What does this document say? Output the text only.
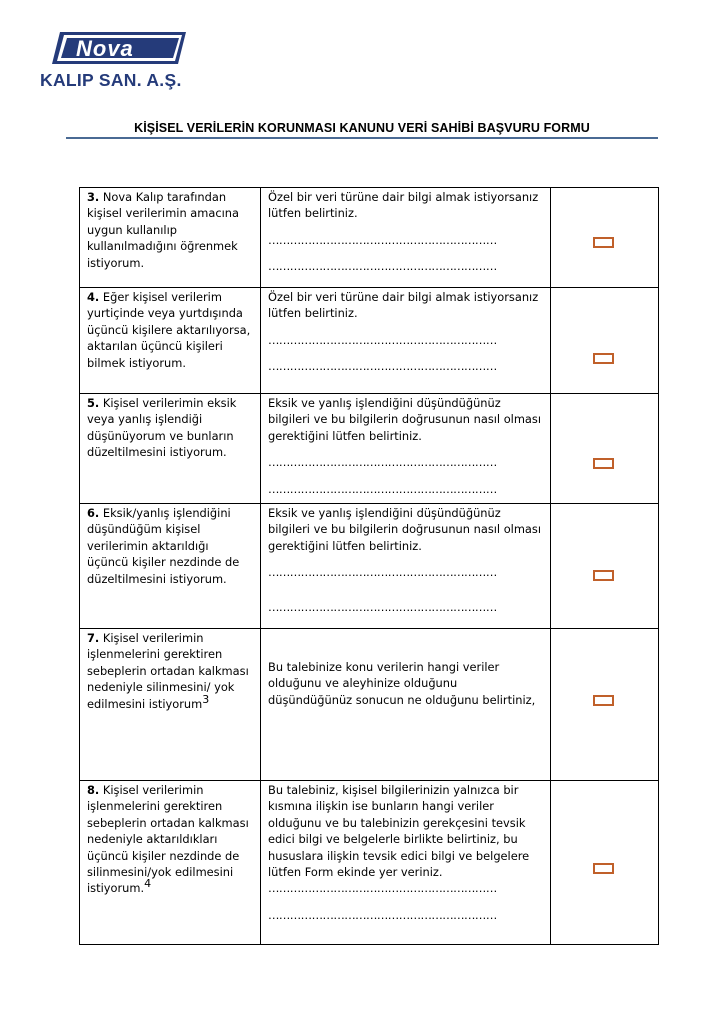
Nova
KALIP SAN. A.Ş.
KİŞİSEL VERİLERİN KORUNMASI KANUNU VERİ SAHİBİ BAŞVURU FORMU
3. Nova Kalıp tarafından kişisel verilerimin amacına uygun kullanılıp kullanılmadığını öğrenmek istiyorum.	Özel bir veri türüne dair bilgi almak istiyorsanız lütfen belirtiniz.
………………………………………………………
………………………………………………………	

4. Eğer kişisel verilerim yurtiçinde veya yurtdışında üçüncü kişilere aktarılıyorsa, aktarılan üçüncü kişileri bilmek istiyorum.	Özel bir veri türüne dair bilgi almak istiyorsanız lütfen belirtiniz.
………………………………………………………
………………………………………………………	

5. Kişisel verilerimin eksik veya yanlış işlendiği düşünüyorum ve bunların düzeltilmesini istiyorum.	Eksik ve yanlış işlendiğini düşündüğünüz bilgileri ve bu bilgilerin doğrusunun nasıl olması gerektiğini lütfen belirtiniz.
………………………………………………………
………………………………………………………	

6. Eksik/yanlış işlendiğini düşündüğüm kişisel verilerimin aktarıldığı üçüncü kişiler nezdinde de düzeltilmesini istiyorum.	Eksik ve yanlış işlendiğini düşündüğünüz bilgileri ve bu bilgilerin doğrusunun nasıl olması gerektiğini lütfen belirtiniz.
………………………………………………………
………………………………………………………	

7. Kişisel verilerimin işlenmelerini gerektiren sebeplerin ortadan kalkması nedeniyle silinmesini/ yok edilmesini istiyorum$^3$	Bu talebinize konu verilerin hangi veriler olduğunu ve aleyhinize olduğunu düşündüğünüz sonucun ne olduğunu belirtiniz,	

8. Kişisel verilerimin işlenmelerini gerektiren sebeplerin ortadan kalkması nedeniyle aktarıldıkları üçüncü kişiler nezdinde de silinmesini/yok edilmesini istiyorum.$^4$	Bu talebiniz, kişisel bilgilerinizin yalnızca bir kısmına ilişkin ise bunların hangi veriler olduğunu ve bu talebinizin gerekçesini tevsik edici bilgi ve belgelerle birlikte belirtiniz, bu hususlara ilişkin tevsik edici bilgi ve belgelere lütfen Form ekinde yer veriniz.
………………………………………………………
………………………………………………………	
